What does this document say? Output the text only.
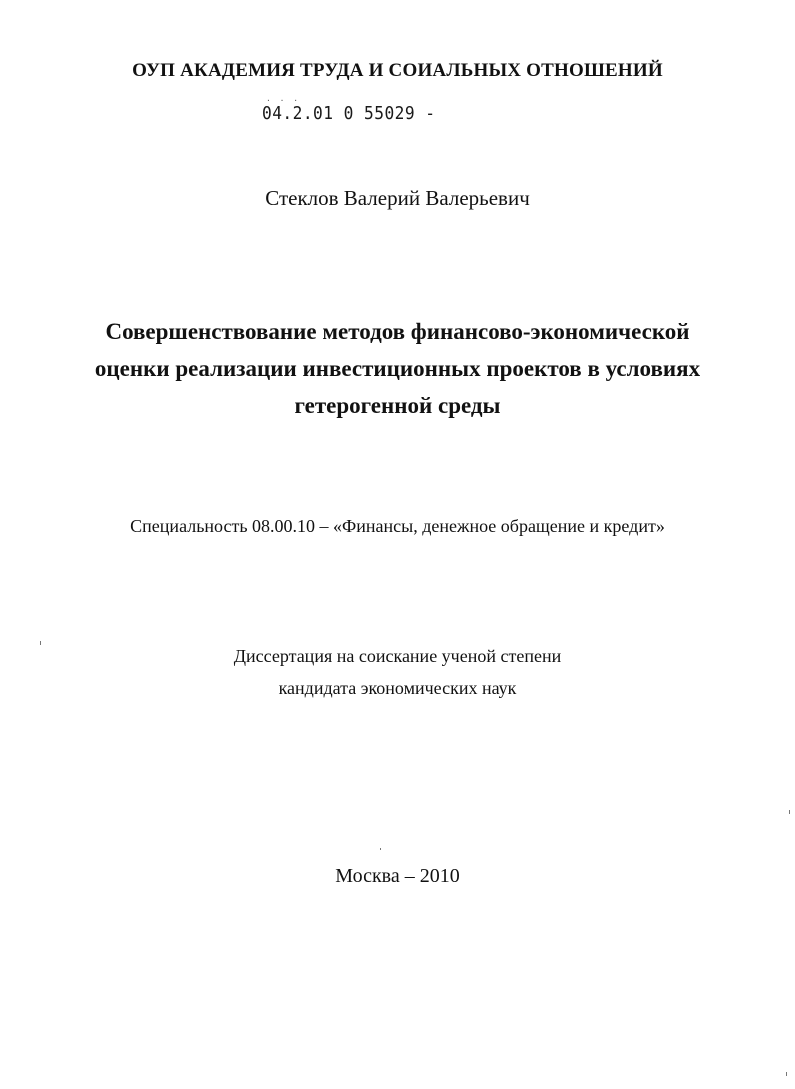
ОУП АКАДЕМИЯ ТРУДА И СОИАЛЬНЫХ ОТНОШЕНИЙ
· · ·
04.2.01 0 55029 -
Стеклов Валерий Валерьевич
Совершенствование методов финансово-экономической
оценки реализации инвестиционных проектов в условиях
гетерогенной среды
Специальность 08.00.10 – «Финансы, денежное обращение и кредит»
Диссертация на соискание ученой степени
кандидата экономических наук
Москва – 2010
